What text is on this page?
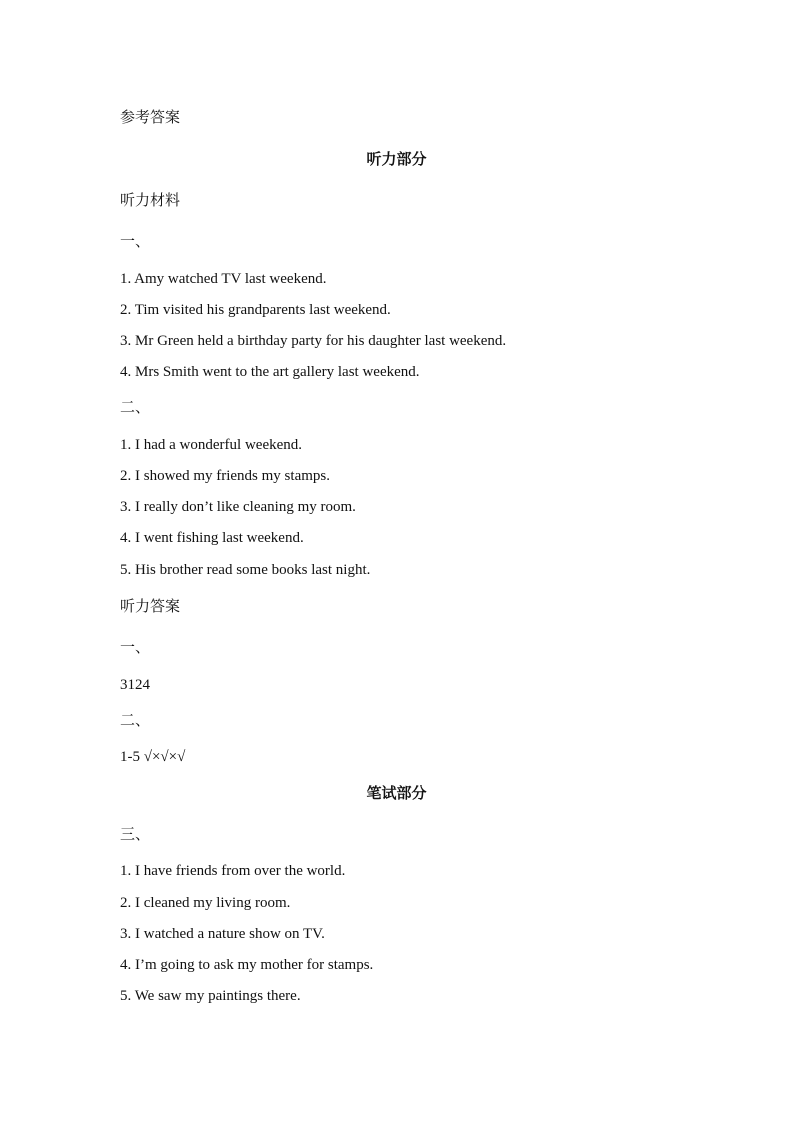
参考答案
听力部分
听力材料
一、
1. Amy watched TV last weekend.
2. Tim visited his grandparents last weekend.
3. Mr Green held a birthday party for his daughter last weekend.
4. Mrs Smith went to the art gallery last weekend.
二、
1. I had a wonderful weekend.
2. I showed my friends my stamps.
3. I really don’t like cleaning my room.
4. I went fishing last weekend.
5. His brother read some books last night.
听力答案
一、
3124
二、
1-5 √×√×√
笔试部分
三、
1. I have friends from over the world.
2. I cleaned my living room.
3. I watched a nature show on TV.
4. I’m going to ask my mother for stamps.
5. We saw my paintings there.
